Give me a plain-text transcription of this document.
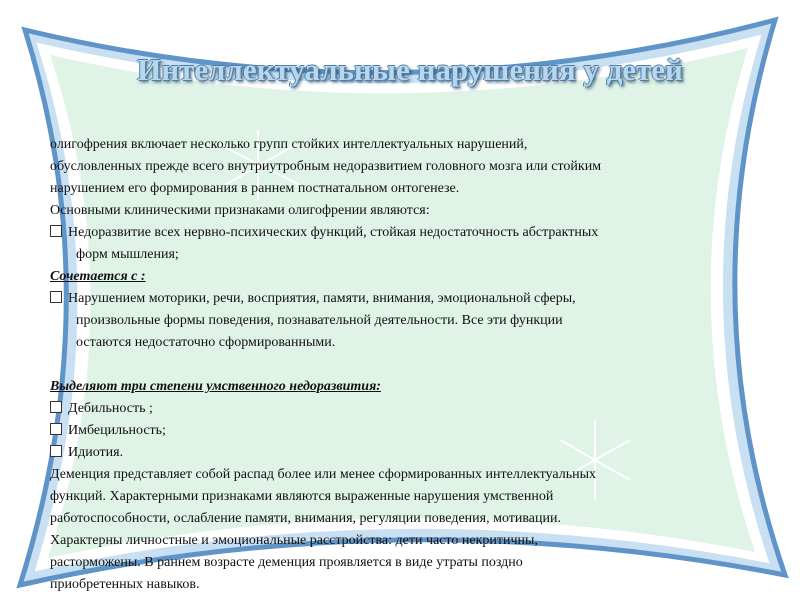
Интеллектуальные нарушения у детей
олигофрения включает несколько групп стойких интеллектуальных нарушений,
обусловленных прежде всего внутриутробным недоразвитием головного мозга или стойким
нарушением его формирования в раннем постнатальном онтогенезе.
Основными клиническими признаками олигофрении являются:
Недоразвитие всех нервно-психических функций, стойкая недостаточность абстрактных
форм мышления;
Сочетается с :
Нарушением моторики, речи, восприятия, памяти, внимания, эмоциональной сферы,
произвольные формы поведения, познавательной деятельности. Все эти функции
остаются недостаточно сформированными.
Выделяют три степени умственного недоразвития:
Дебильность ;
Имбецильность;
Идиотия.
Деменция представляет собой распад более или менее сформированных интеллектуальных
функций. Характерными признаками являются выраженные нарушения умственной
работоспособности, ослабление памяти, внимания, регуляции поведения, мотивации.
Характерны личностные и эмоциональные расстройства: дети часто некритичны,
расторможены. В раннем возрасте деменция проявляется в виде утраты поздно
приобретенных навыков.
